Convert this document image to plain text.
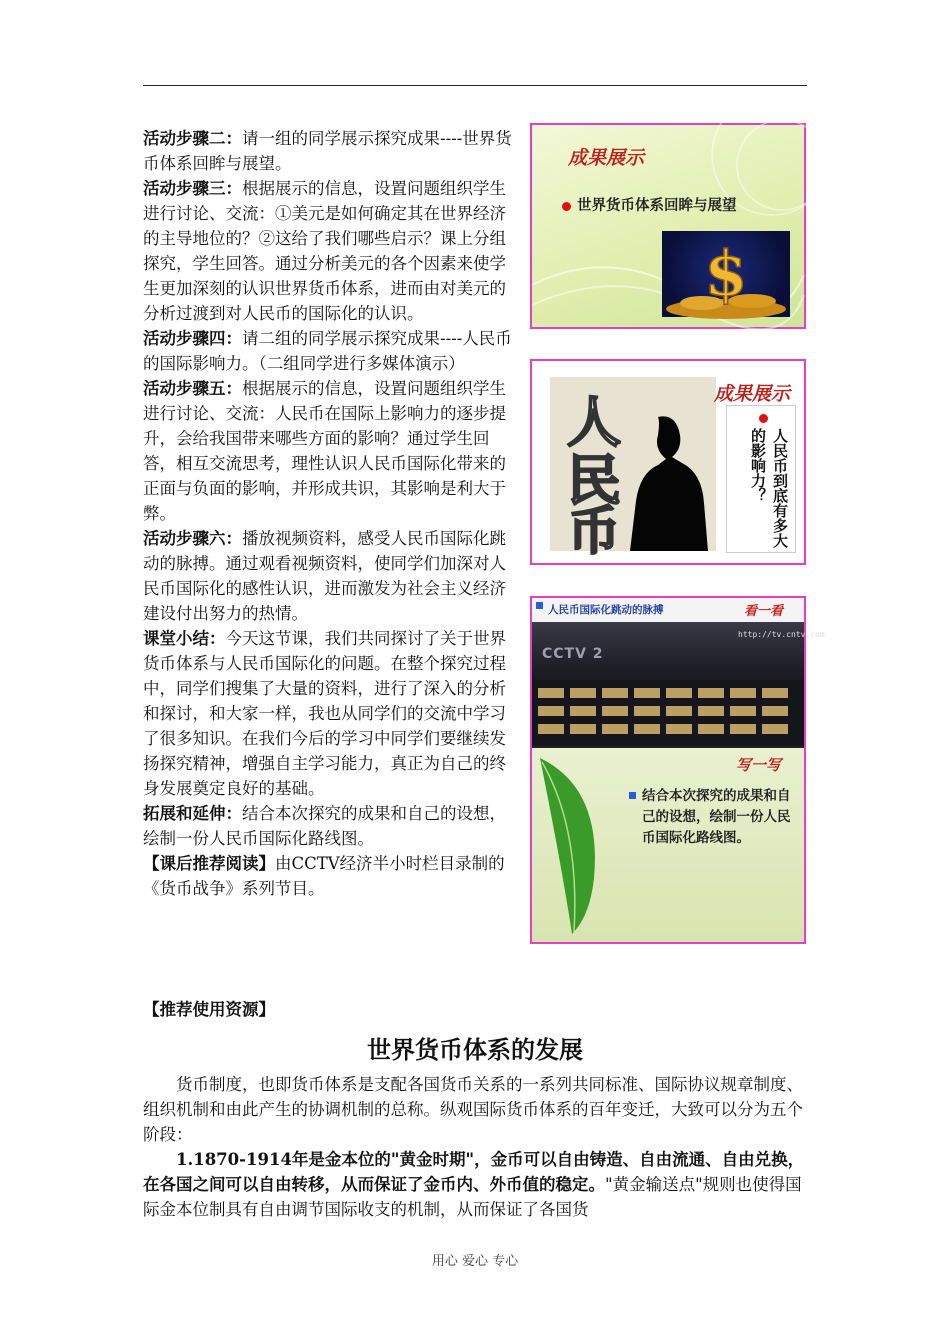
活动步骤二：请一组的同学展示探究成果----世界货币体系回眸与展望。

活动步骤三：根据展示的信息，设置问题组织学生进行讨论、交流：①美元是如何确定其在世界经济的主导地位的？②这给了我们哪些启示？课上分组探究，学生回答。通过分析美元的各个因素来使学生更加深刻的认识世界货币体系，进而由对美元的分析过渡到对人民币的国际化的认识。

活动步骤四：请二组的同学展示探究成果----人民币的国际影响力。（二组同学进行多媒体演示）

活动步骤五：根据展示的信息，设置问题组织学生进行讨论、交流：人民币在国际上影响力的逐步提升，会给我国带来哪些方面的影响？通过学生回答，相互交流思考，理性认识人民币国际化带来的正面与负面的影响，并形成共识，其影响是利大于弊。

活动步骤六：播放视频资料，感受人民币国际化跳动的脉搏。通过观看视频资料，使同学们加深对人民币国际化的感性认识，进而激发为社会主义经济建设付出努力的热情。

课堂小结：今天这节课，我们共同探讨了关于世界货币体系与人民币国际化的问题。在整个探究过程中，同学们搜集了大量的资料，进行了深入的分析和探讨，和大家一样，我也从同学们的交流中学习了很多知识。在我们今后的学习中同学们要继续发扬探究精神，增强自主学习能力，真正为自己的终身发展奠定良好的基础。

拓展和延伸：结合本次探究的成果和自己的设想，绘制一份人民币国际化路线图。

【课后推荐阅读】由CCTV经济半小时栏目录制的《货币战争》系列节目。

成果展示
世界货币体系回眸与展望
$
人
民
币
成果展示
人民币到底有多大的影响力？
人民币国际化跳动的脉搏	看一看
http://tv.cntv.com
CCTV 2
写一写
结合本次探究的成果和自己的设想，绘制一份人民币国际化路线图。
【推荐使用资源】
世界货币体系的发展

货币制度，也即货币体系是支配各国货币关系的一系列共同标准、国际协议规章制度、组织机制和由此产生的协调机制的总称。纵观国际货币体系的百年变迁，大致可以分为五个阶段：

1.1870-1914年是金本位的"黄金时期"，金币可以自由铸造、自由流通、自由兑换，在各国之间可以自由转移，从而保证了金币内、外币值的稳定。"黄金输送点"规则也使得国际金本位制具有自由调节国际收支的机制，从而保证了各国货

用心 爱心 专心
